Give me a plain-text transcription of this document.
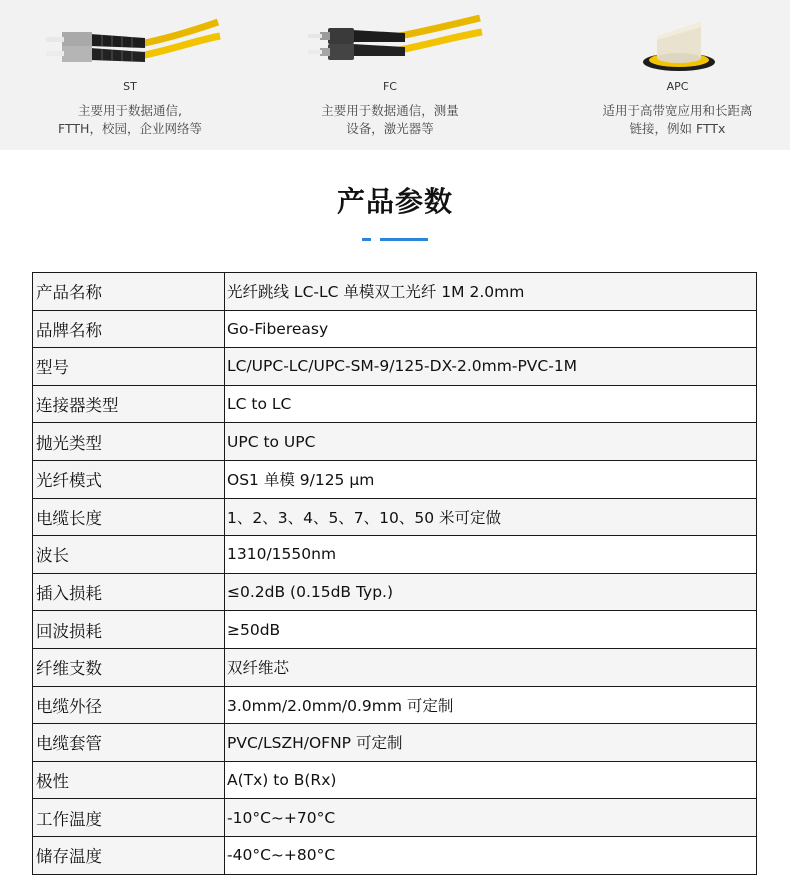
ST
主要用于数据通信,
FTTH，校园，企业网络等
FC
主要用于数据通信，测量
设备，激光器等
APC
适用于高带宽应用和长距离
链接，例如 FTTx
产品参数
产品名称	光纤跳线 LC-LC 单模双工光纤 1M 2.0mm
品牌名称	Go-Fibereasy
型号	LC/UPC-LC/UPC-SM-9/125-DX-2.0mm-PVC-1M
连接器类型	LC to LC
抛光类型	UPC to UPC
光纤模式	OS1 单模 9/125 μm
电缆长度	1、2、3、4、5、7、10、50 米可定做
波长	1310/1550nm
插入损耗	≤0.2dB (0.15dB Typ.)
回波损耗	≥50dB
纤维支数	双纤维芯
电缆外径	3.0mm/2.0mm/0.9mm 可定制
电缆套管	PVC/LSZH/OFNP 可定制
极性	A(Tx) to B(Rx)
工作温度	-10°C~+70°C
储存温度	-40°C~+80°C
